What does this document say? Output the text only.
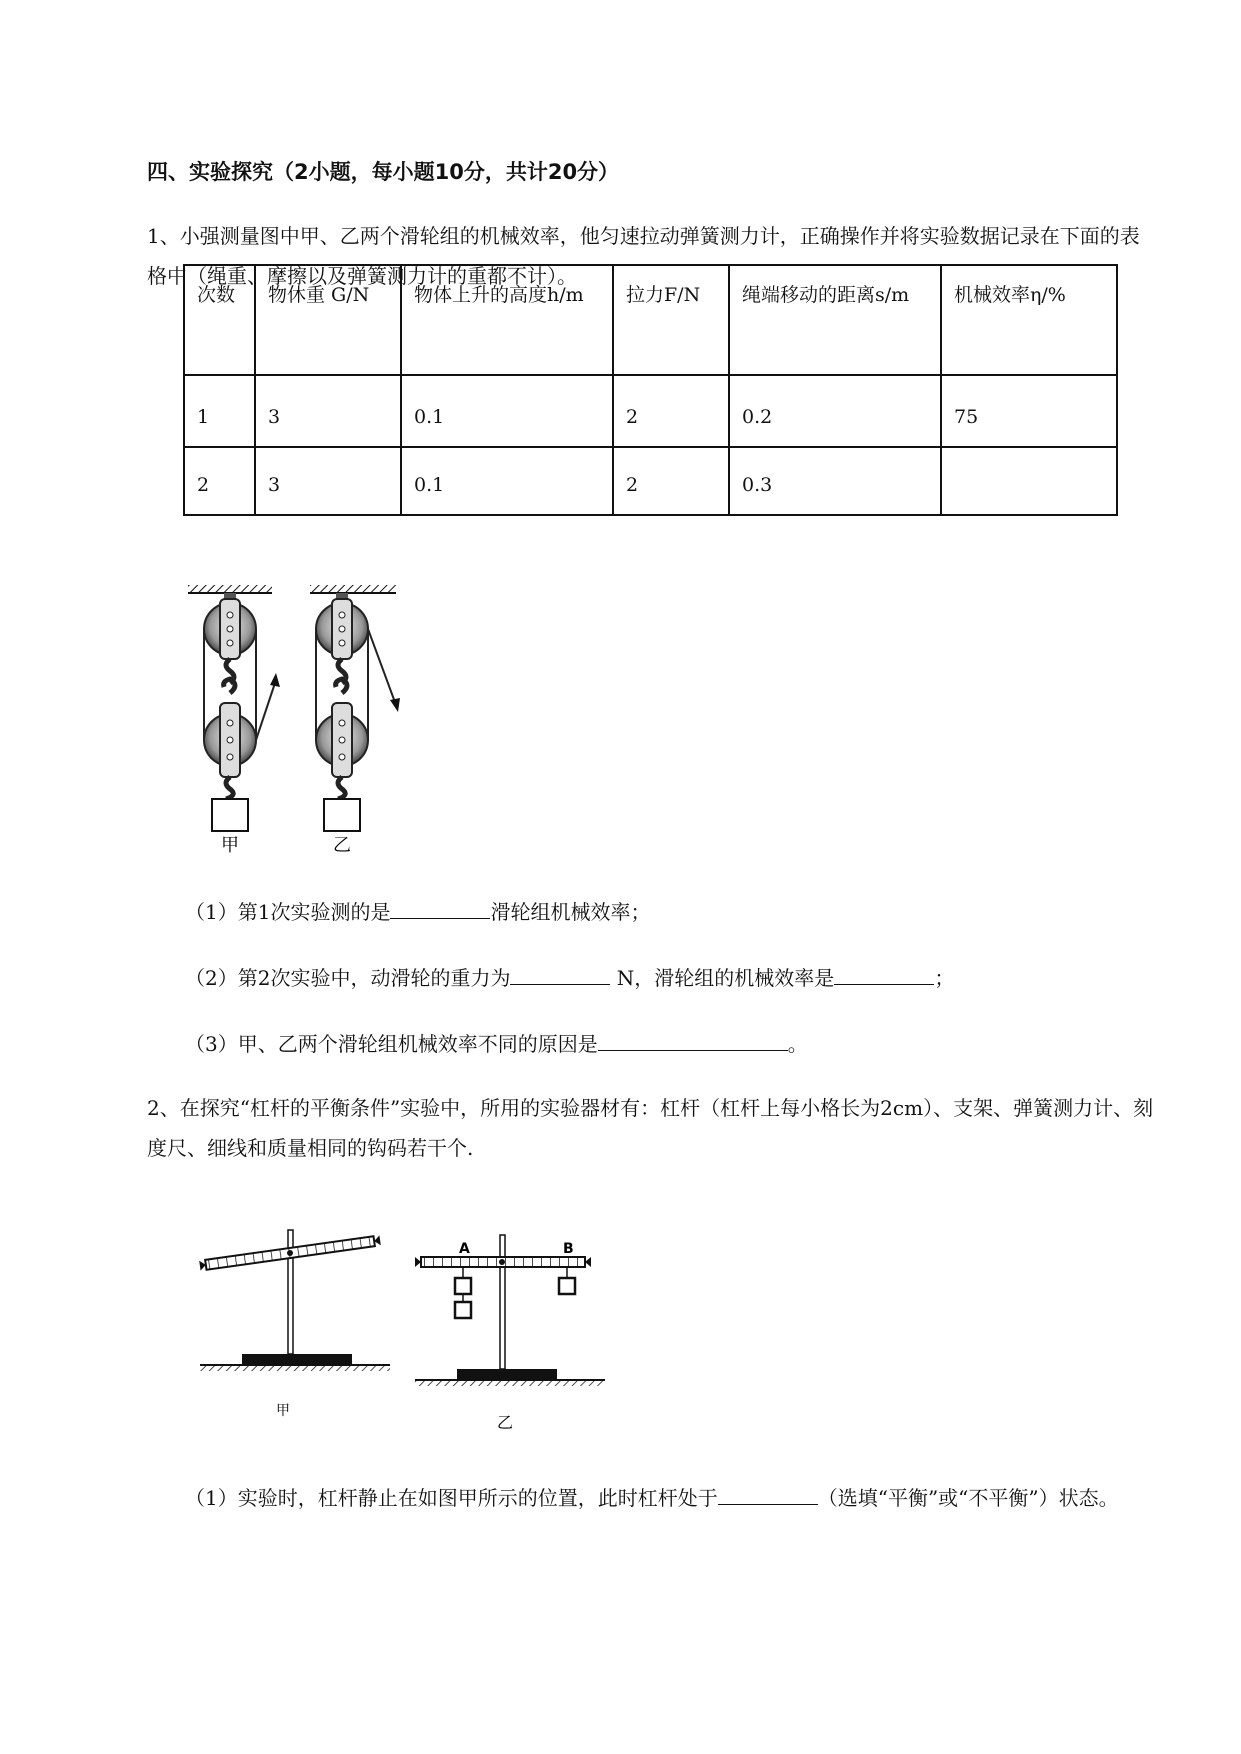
四、实验探究（2小题，每小题10分，共计20分）
1、小强测量图中甲、乙两个滑轮组的机械效率，他匀速拉动弹簧测力计，正确操作并将实验数据记录在下面的表格中（绳重、摩擦以及弹簧测力计的重都不计）。
次数	物休重 G/N	物体上升的高度h/m	拉力F/N	绳端移动的距离s/m	机械效率η/%
1	3	0.1	2	0.2	75
2	3	0.1	2	0.3	
甲	乙
（1）第1次实验测的是	滑轮组机械效率；
（2）第2次实验中，动滑轮的重力为	N，滑轮组的机械效率是	；
（3）甲、乙两个滑轮组机械效率不同的原因是	。
2、在探究“杠杆的平衡条件”实验中，所用的实验器材有：杠杆（杠杆上每小格长为2cm）、支架、弹簧测力计、刻度尺、细线和质量相同的钩码若干个.
甲
A	B
乙
（1）实验时，杠杆静止在如图甲所示的位置，此时杠杆处于	（选填“平衡”或“不平衡”）状态。
